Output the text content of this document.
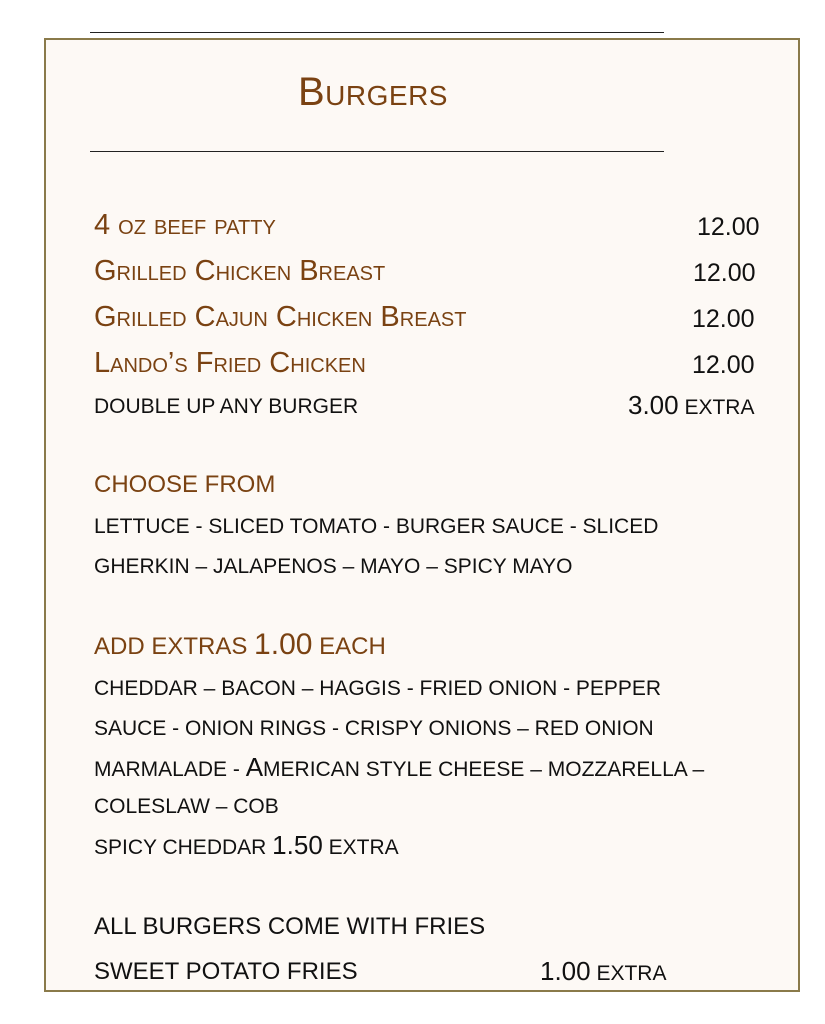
Burgers
4 oz beef patty	12.00
Grilled Chicken Breast	12.00
Grilled Cajun Chicken Breast	12.00
Lando’s Fried Chicken	12.00
DOUBLE UP ANY BURGER	3.00 EXTRA
CHOOSE FROM
LETTUCE - SLICED TOMATO - BURGER SAUCE - SLICED
GHERKIN – JALAPENOS – MAYO – SPICY MAYO
ADD EXTRAS 1.00 EACH
CHEDDAR – BACON – HAGGIS - FRIED ONION - PEPPER
SAUCE - ONION RINGS - CRISPY ONIONS – RED ONION
MARMALADE - AMERICAN STYLE CHEESE – MOZZARELLA –
COLESLAW – COB
SPICY CHEDDAR 1.50 EXTRA
ALL BURGERS COME WITH FRIES
SWEET POTATO FRIES	1.00 EXTRA
